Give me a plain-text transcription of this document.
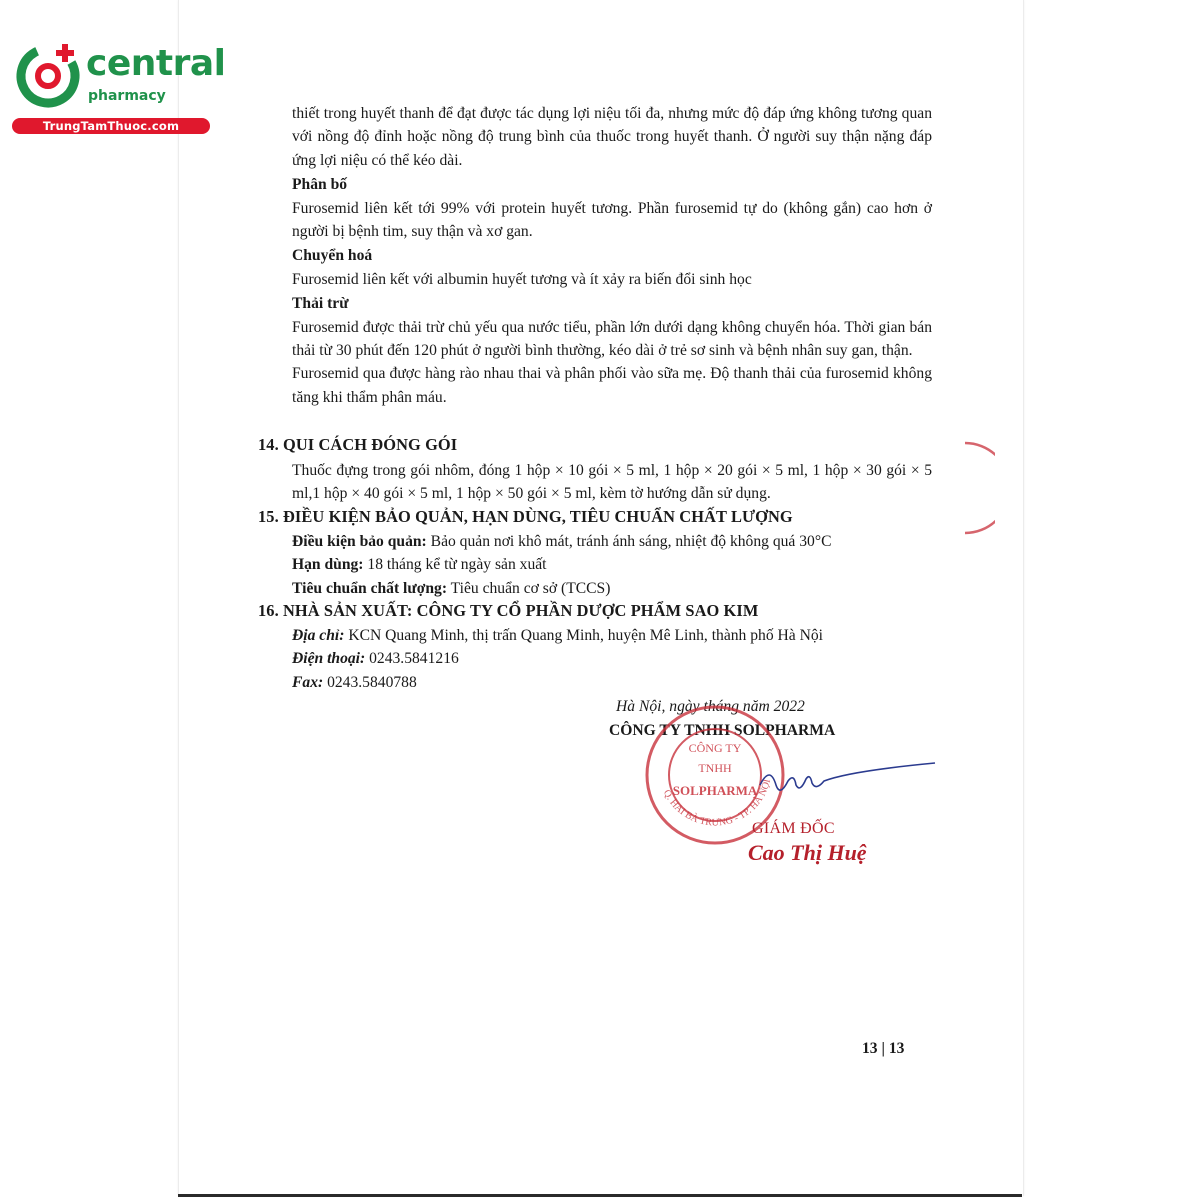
central
pharmacy
TrungTamThuoc.com

thiết trong huyết thanh để đạt được tác dụng lợi niệu tối đa, nhưng mức độ đáp ứng không tương quan với nồng độ đỉnh hoặc nồng độ trung bình của thuốc trong huyết thanh. Ở người suy thận nặng đáp ứng lợi niệu có thể kéo dài.

Phân bố

Furosemid liên kết tới 99% với protein huyết tương. Phần furosemid tự do (không gắn) cao hơn ở người bị bệnh tim, suy thận và xơ gan.

Chuyển hoá

Furosemid liên kết với albumin huyết tương và ít xảy ra biến đổi sinh học

Thải trừ

Furosemid được thải trừ chủ yếu qua nước tiểu, phần lớn dưới dạng không chuyển hóa. Thời gian bán thải từ 30 phút đến 120 phút ở người bình thường, kéo dài ở trẻ sơ sinh và bệnh nhân suy gan, thận.

Furosemid qua được hàng rào nhau thai và phân phối vào sữa mẹ. Độ thanh thải của furosemid không tăng khi thẩm phân máu.

14. QUI CÁCH ĐÓNG GÓI

Thuốc đựng trong gói nhôm, đóng 1 hộp × 10 gói × 5 ml, 1 hộp × 20 gói × 5 ml, 1 hộp × 30 gói × 5 ml,1 hộp × 40 gói × 5 ml, 1 hộp × 50 gói × 5 ml, kèm tờ hướng dẫn sử dụng.

15. ĐIỀU KIỆN BẢO QUẢN, HẠN DÙNG, TIÊU CHUẨN CHẤT LƯỢNG

Điều kiện bảo quản: Bảo quản nơi khô mát, tránh ánh sáng, nhiệt độ không quá 30°C

Hạn dùng: 18 tháng kể từ ngày sản xuất

Tiêu chuẩn chất lượng: Tiêu chuẩn cơ sở (TCCS)

16. NHÀ SẢN XUẤT: CÔNG TY CỔ PHẦN DƯỢC PHẨM SAO KIM

Địa chỉ: KCN Quang Minh, thị trấn Quang Minh, huyện Mê Linh, thành phố Hà Nội

Điện thoại: 0243.5841216

Fax: 0243.5840788

Hà Nội, ngày tháng năm 2022
CÔNG TY TNHH SOLPHARMA
CÔNG TY
TNHH
SOLPHARMA
Q. HAI BÀ TRƯNG - TP. HÀ NỘI
GIÁM ĐỐC
Cao Thị Huệ
13 | 13
